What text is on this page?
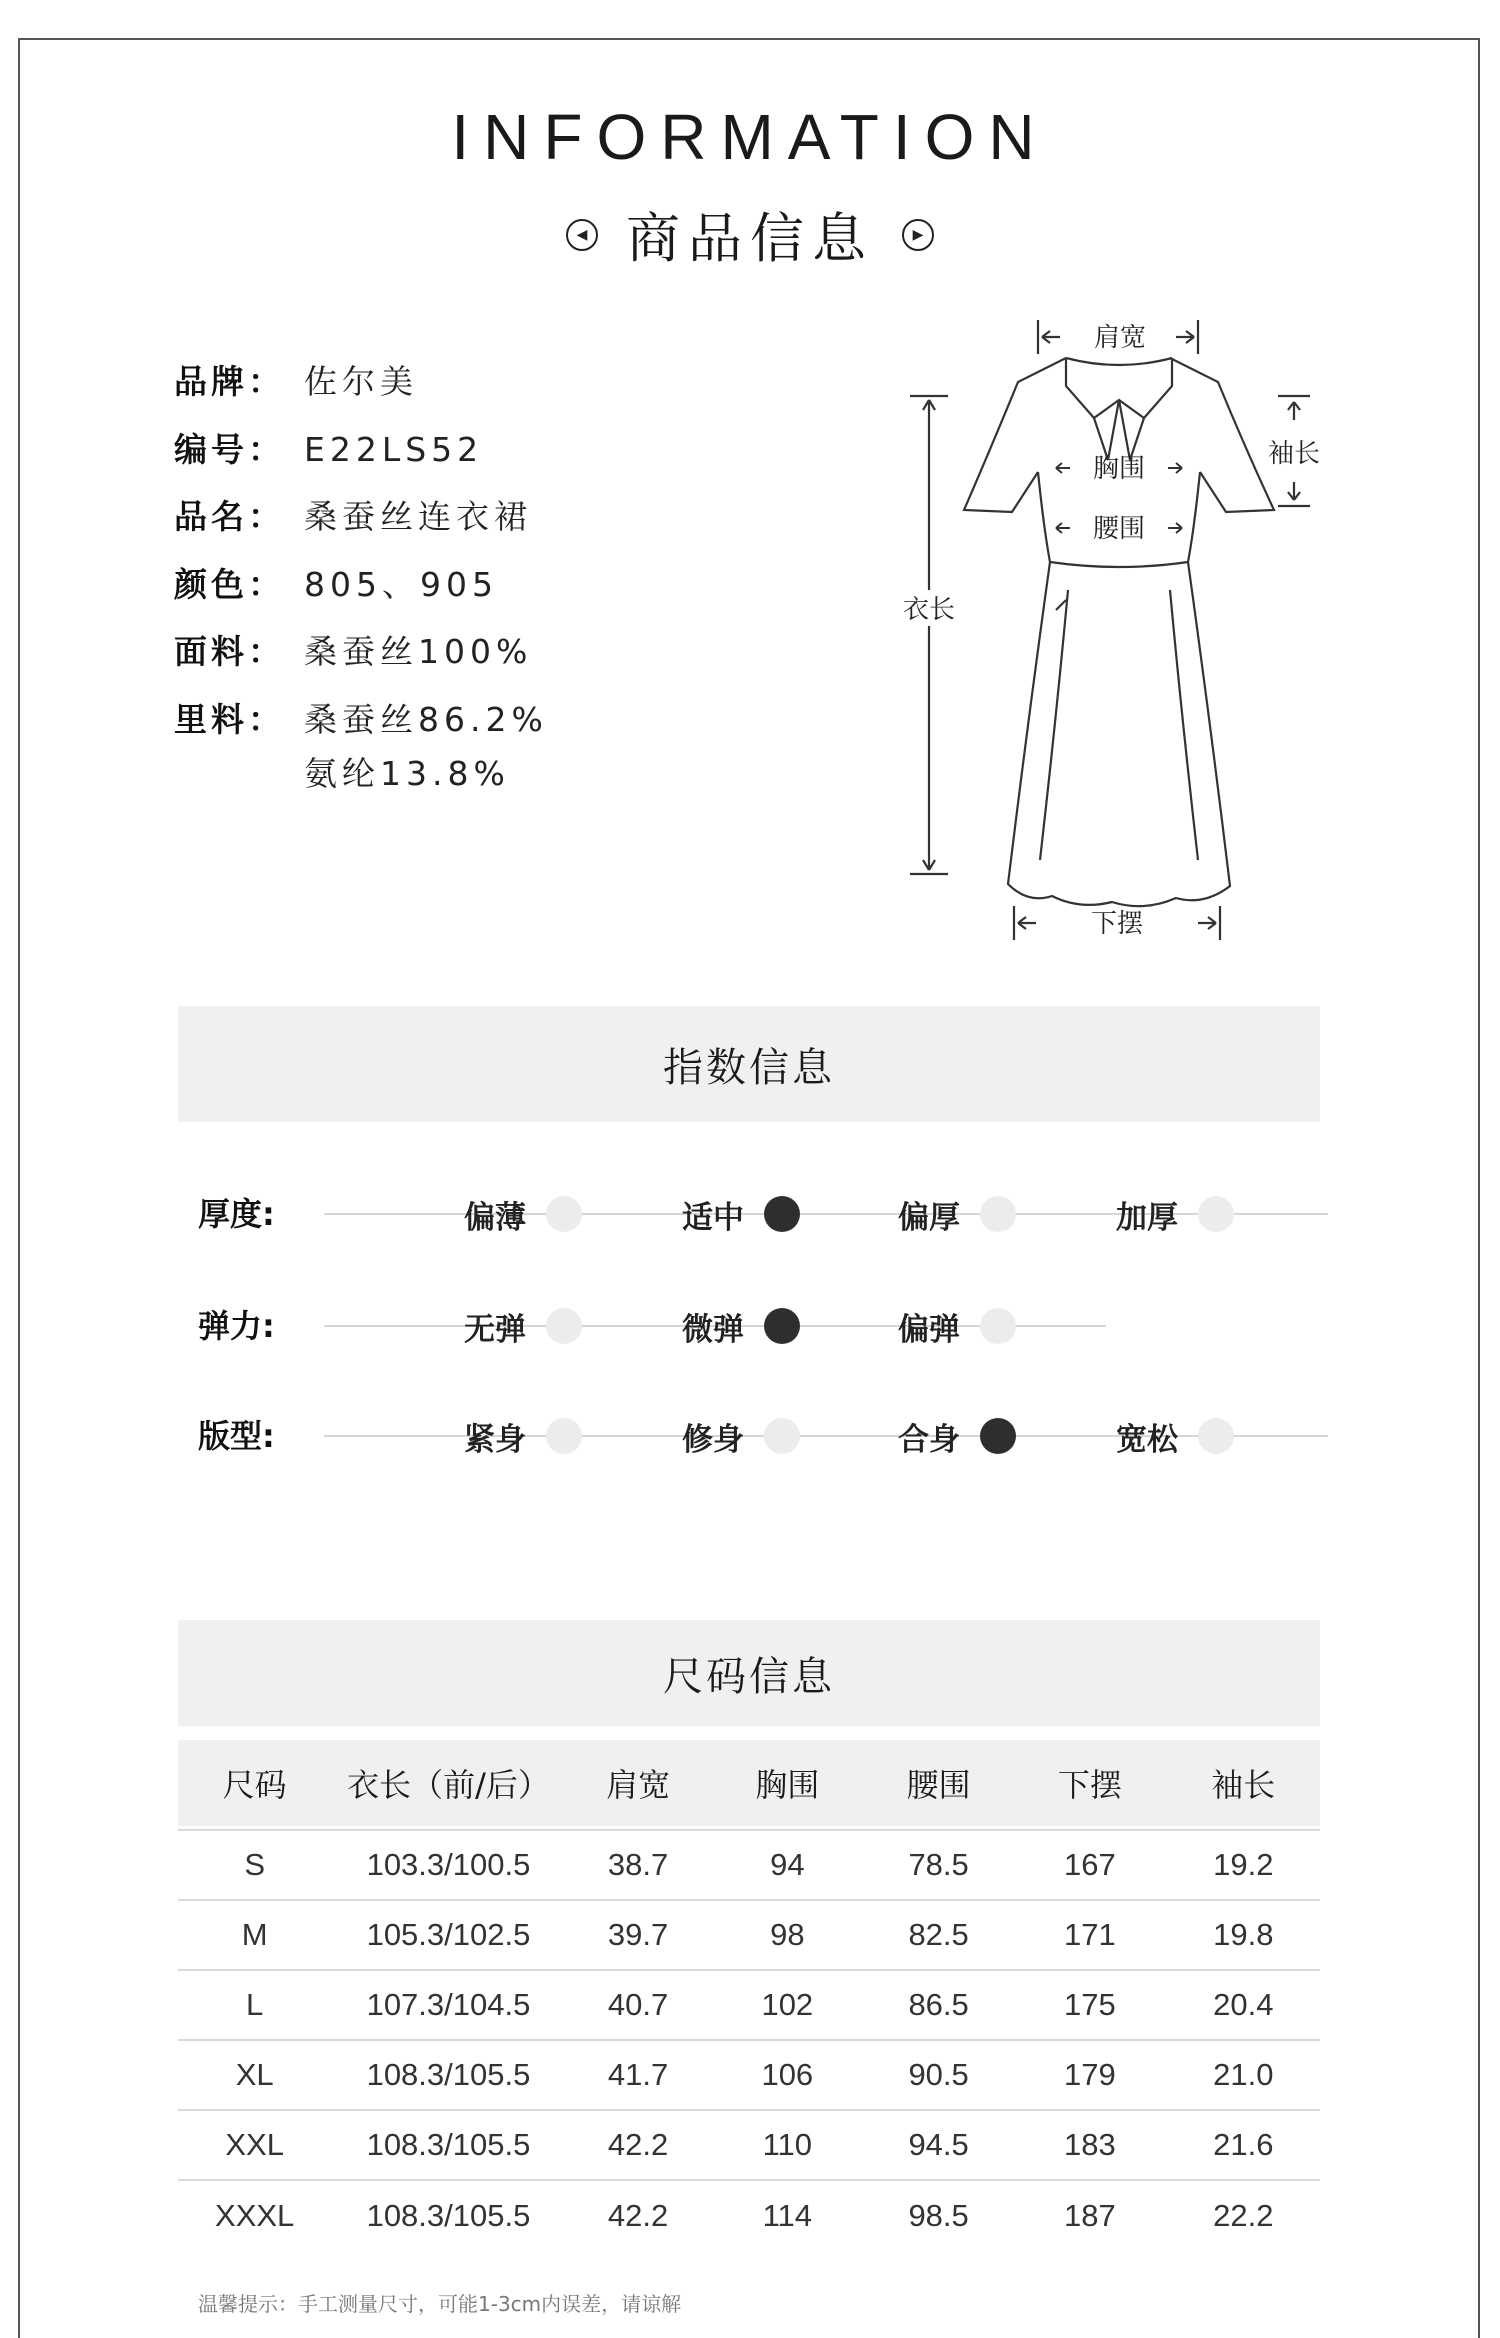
INFORMATION
◀ 商品信息	▶
品牌： 佐尔美
编号： E22LS52
品名： 桑蚕丝连衣裙
颜色： 805、905
面料： 桑蚕丝100%
里料： 桑蚕丝86.2%
氨纶13.8%
肩宽
袖长
胸围
腰围
衣长
下摆
指数信息
厚度:	偏薄	适中	偏厚	加厚
弹力:	无弹	微弹	偏弹
版型:	紧身	修身	合身	宽松
尺码信息
尺码	衣长（前/后）	肩宽	胸围	腰围	下摆	袖长

S	103.3/100.5	38.7	94	78.5	167	19.2
M	105.3/102.5	39.7	98	82.5	171	19.8
L	107.3/104.5	40.7	102	86.5	175	20.4
XL	108.3/105.5	41.7	106	90.5	179	21.0
XXL	108.3/105.5	42.2	110	94.5	183	21.6
XXXL	108.3/105.5	42.2	114	98.5	187	22.2
温馨提示：手工测量尺寸，可能1-3cm内误差，请谅解
